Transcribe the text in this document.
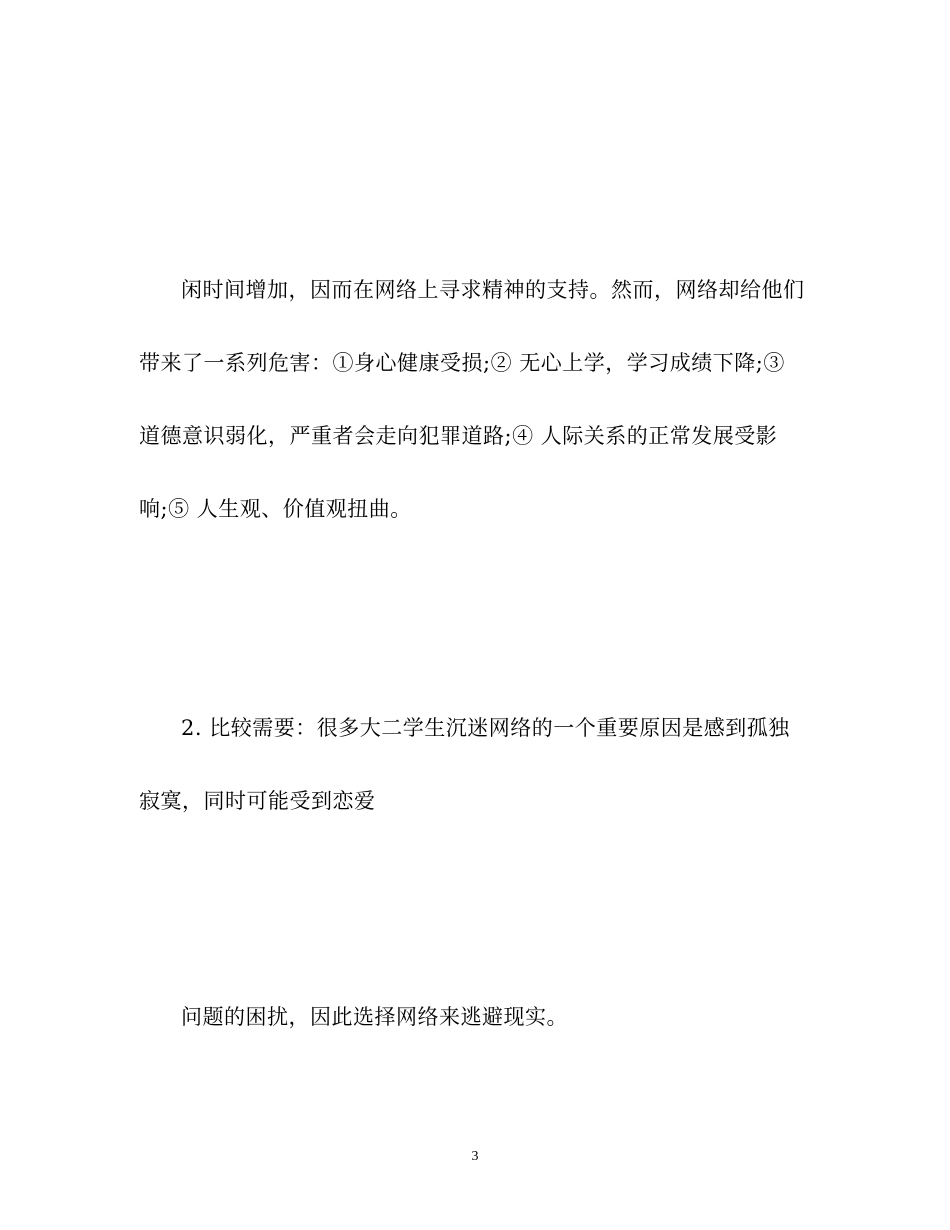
闲时间增加，因而在网络上寻求精神的支持。然而，网络却给他们
带来了一系列危害：①身心健康受损;② 无心上学，学习成绩下降;③
道德意识弱化，严重者会走向犯罪道路;④ 人际关系的正常发展受影
响;⑤ 人生观、价值观扭曲。
2. 比较需要：很多大二学生沉迷网络的一个重要原因是感到孤独
寂寞，同时可能受到恋爱
问题的困扰，因此选择网络来逃避现实。
3
